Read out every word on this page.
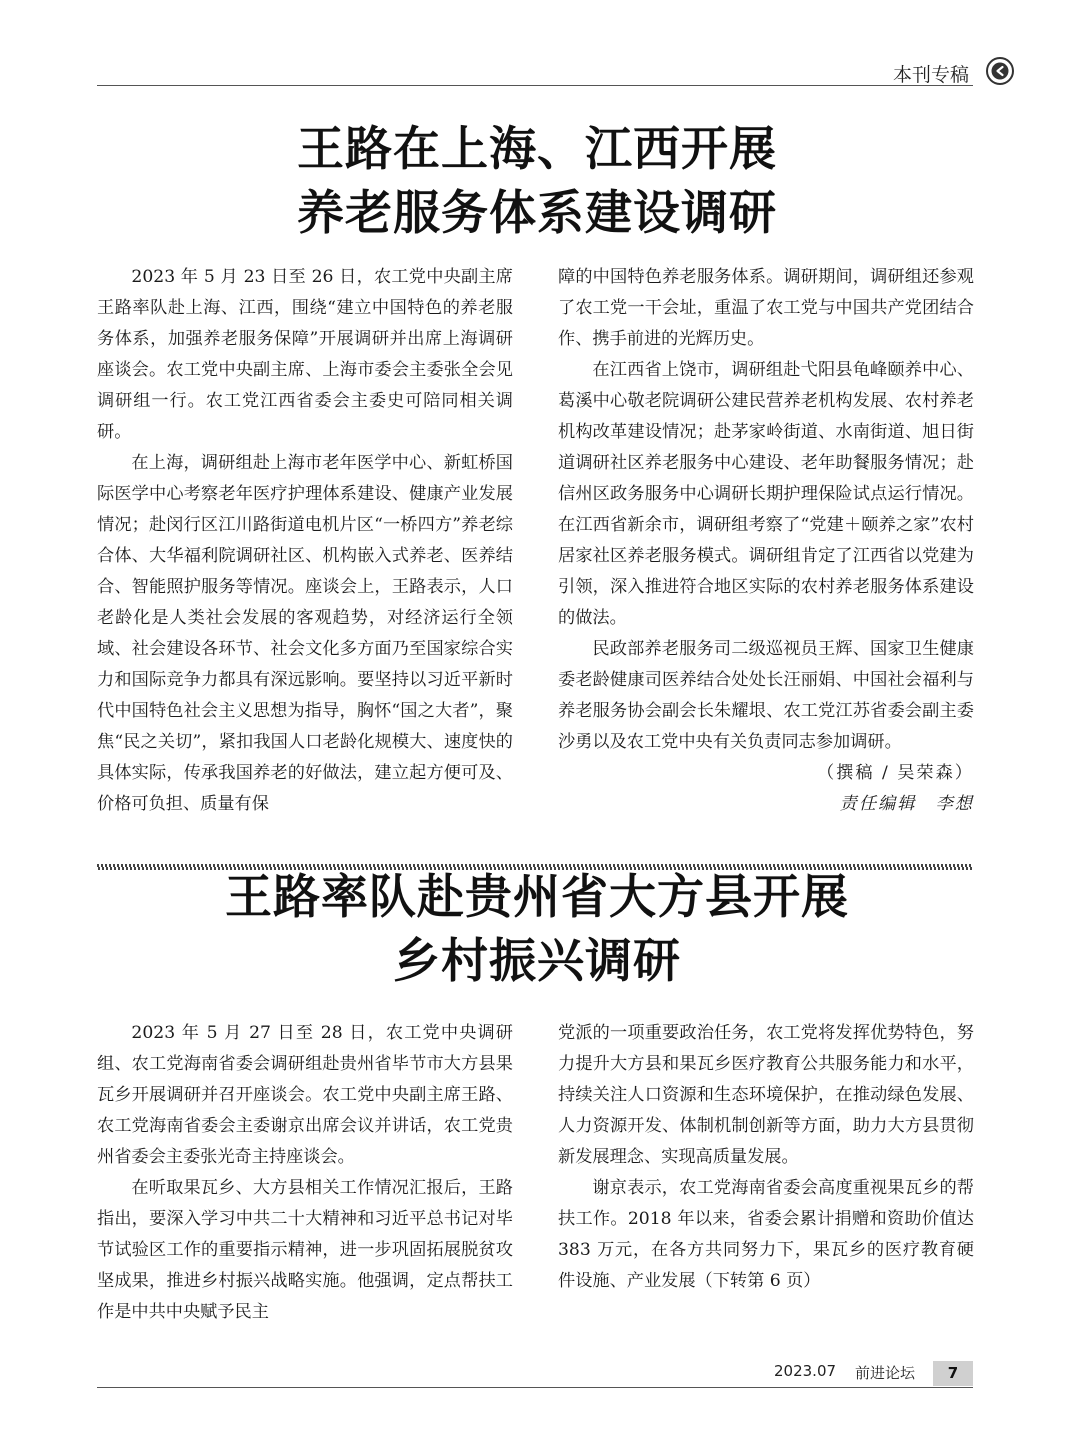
本刊专稿
王路在上海、江西开展
养老服务体系建设调研

2023 年 5 月 23 日至 26 日，农工党中央副主席王路率队赴上海、江西，围绕“建立中国特色的养老服务体系，加强养老服务保障”开展调研并出席上海调研座谈会。农工党中央副主席、上海市委会主委张全会见调研组一行。农工党江西省委会主委史可陪同相关调研。

在上海，调研组赴上海市老年医学中心、新虹桥国际医学中心考察老年医疗护理体系建设、健康产业发展情况；赴闵行区江川路街道电机片区“一桥四方”养老综合体、大华福利院调研社区、机构嵌入式养老、医养结合、智能照护服务等情况。座谈会上，王路表示，人口老龄化是人类社会发展的客观趋势，对经济运行全领域、社会建设各环节、社会文化多方面乃至国家综合实力和国际竞争力都具有深远影响。要坚持以习近平新时代中国特色社会主义思想为指导，胸怀“国之大者”，聚焦“民之关切”，紧扣我国人口老龄化规模大、速度快的具体实际，传承我国养老的好做法，建立起方便可及、价格可负担、质量有保

障的中国特色养老服务体系。调研期间，调研组还参观了农工党一干会址，重温了农工党与中国共产党团结合作、携手前进的光辉历史。

在江西省上饶市，调研组赴弋阳县龟峰颐养中心、葛溪中心敬老院调研公建民营养老机构发展、农村养老机构改革建设情况；赴茅家岭街道、水南街道、旭日街道调研社区养老服务中心建设、老年助餐服务情况；赴信州区政务服务中心调研长期护理保险试点运行情况。在江西省新余市，调研组考察了“党建＋颐养之家”农村居家社区养老服务模式。调研组肯定了江西省以党建为引领，深入推进符合地区实际的农村养老服务体系建设的做法。

民政部养老服务司二级巡视员王辉、国家卫生健康委老龄健康司医养结合处处长汪丽娟、中国社会福利与养老服务协会副会长朱耀垠、农工党江苏省委会副主委沙勇以及农工党中央有关负责同志参加调研。

（撰稿 / 吴荣森）

责任编辑　李想

王路率队赴贵州省大方县开展
乡村振兴调研

2023 年 5 月 27 日至 28 日，农工党中央调研组、农工党海南省委会调研组赴贵州省毕节市大方县果瓦乡开展调研并召开座谈会。农工党中央副主席王路、农工党海南省委会主委谢京出席会议并讲话，农工党贵州省委会主委张光奇主持座谈会。

在听取果瓦乡、大方县相关工作情况汇报后，王路指出，要深入学习中共二十大精神和习近平总书记对毕节试验区工作的重要指示精神，进一步巩固拓展脱贫攻坚成果，推进乡村振兴战略实施。他强调，定点帮扶工作是中共中央赋予民主

党派的一项重要政治任务，农工党将发挥优势特色，努力提升大方县和果瓦乡医疗教育公共服务能力和水平，持续关注人口资源和生态环境保护，在推动绿色发展、人力资源开发、体制机制创新等方面，助力大方县贯彻新发展理念、实现高质量发展。

谢京表示，农工党海南省委会高度重视果瓦乡的帮扶工作。2018 年以来，省委会累计捐赠和资助价值达 383 万元，在各方共同努力下，果瓦乡的医疗教育硬件设施、产业发展（下转第 6 页）

2023.07 前进论坛	7
